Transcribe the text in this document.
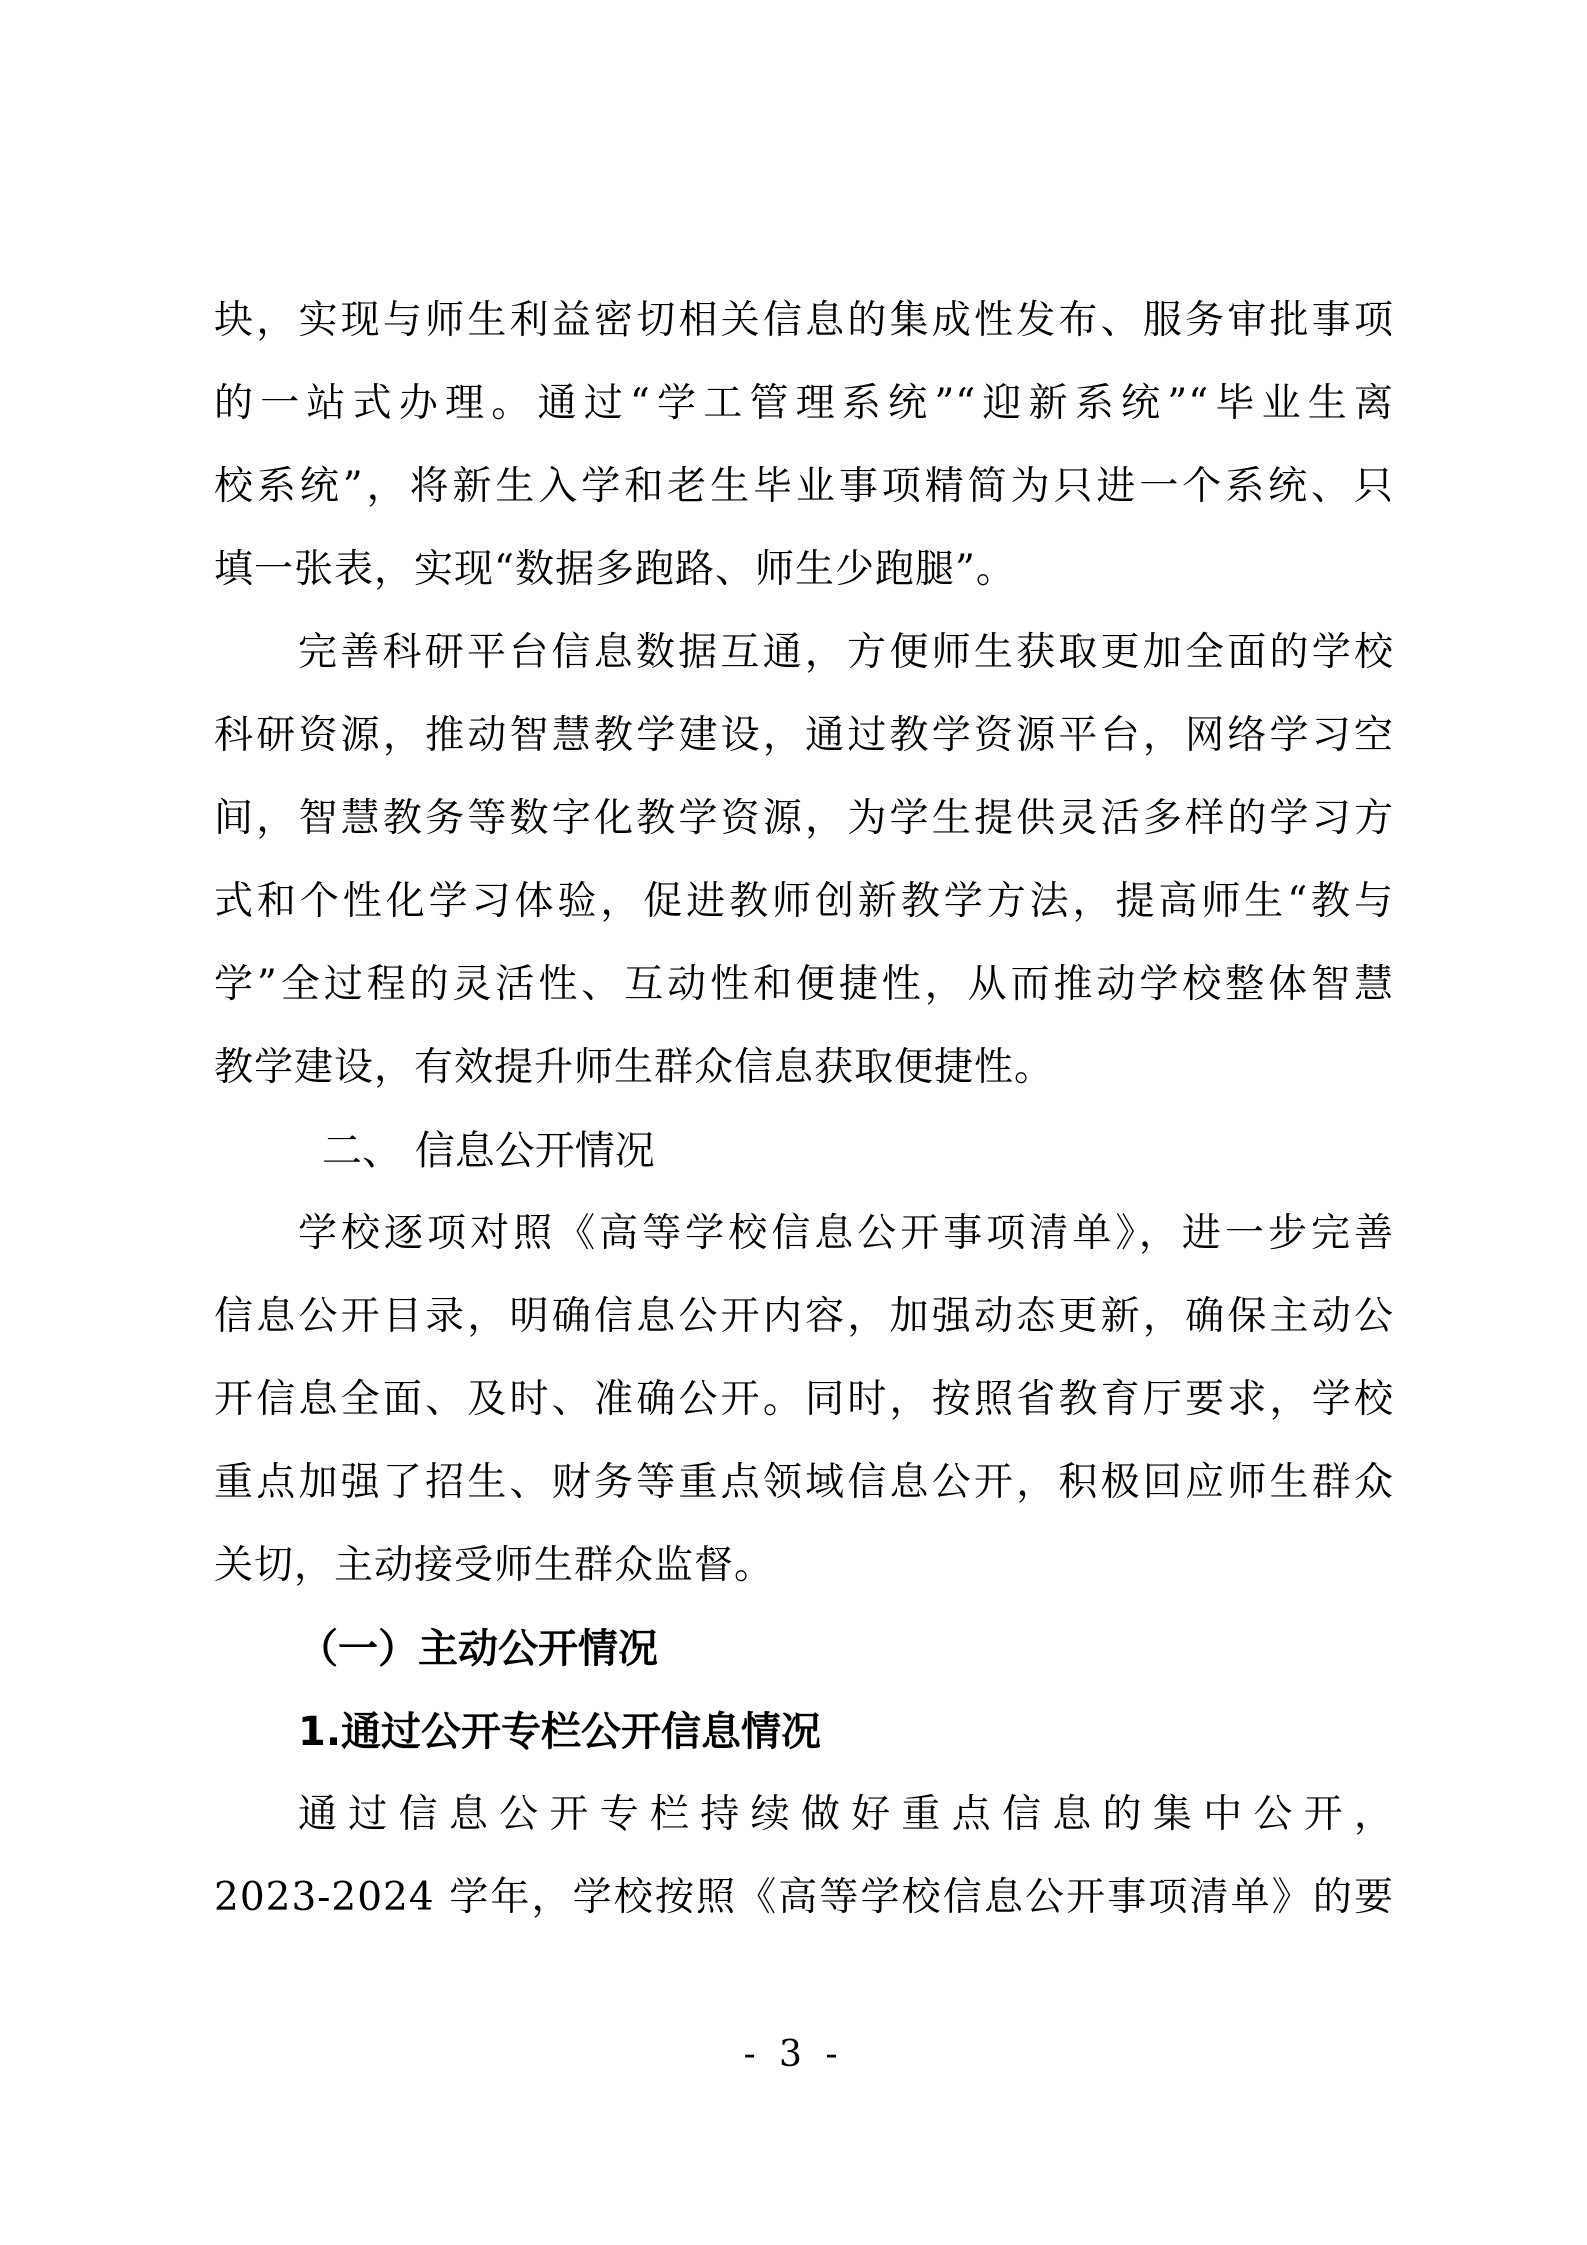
块，实现与师生利益密切相关信息的集成性发布、服务审批事项
的一站式办理。通过“学工管理系统”“迎新系统”“毕业生离
校系统”，将新生入学和老生毕业事项精简为只进一个系统、只
填一张表，实现“数据多跑路、师生少跑腿”。
完善科研平台信息数据互通，方便师生获取更加全面的学校
科研资源，推动智慧教学建设，通过教学资源平台，网络学习空
间，智慧教务等数字化教学资源，为学生提供灵活多样的学习方
式和个性化学习体验，促进教师创新教学方法，提高师生“教与
学”全过程的灵活性、互动性和便捷性，从而推动学校整体智慧
教学建设，有效提升师生群众信息获取便捷性。
二、 信息公开情况
学校逐项对照《高等学校信息公开事项清单》，进一步完善
信息公开目录，明确信息公开内容，加强动态更新，确保主动公
开信息全面、及时、准确公开。同时，按照省教育厅要求，学校
重点加强了招生、财务等重点领域信息公开，积极回应师生群众
关切，主动接受师生群众监督。
（一）主动公开情况
1.通过公开专栏公开信息情况
通过信息公开专栏持续做好重点信息的集中公开，
2023-2024 学年，学校按照《高等学校信息公开事项清单》的要
- 3 -
